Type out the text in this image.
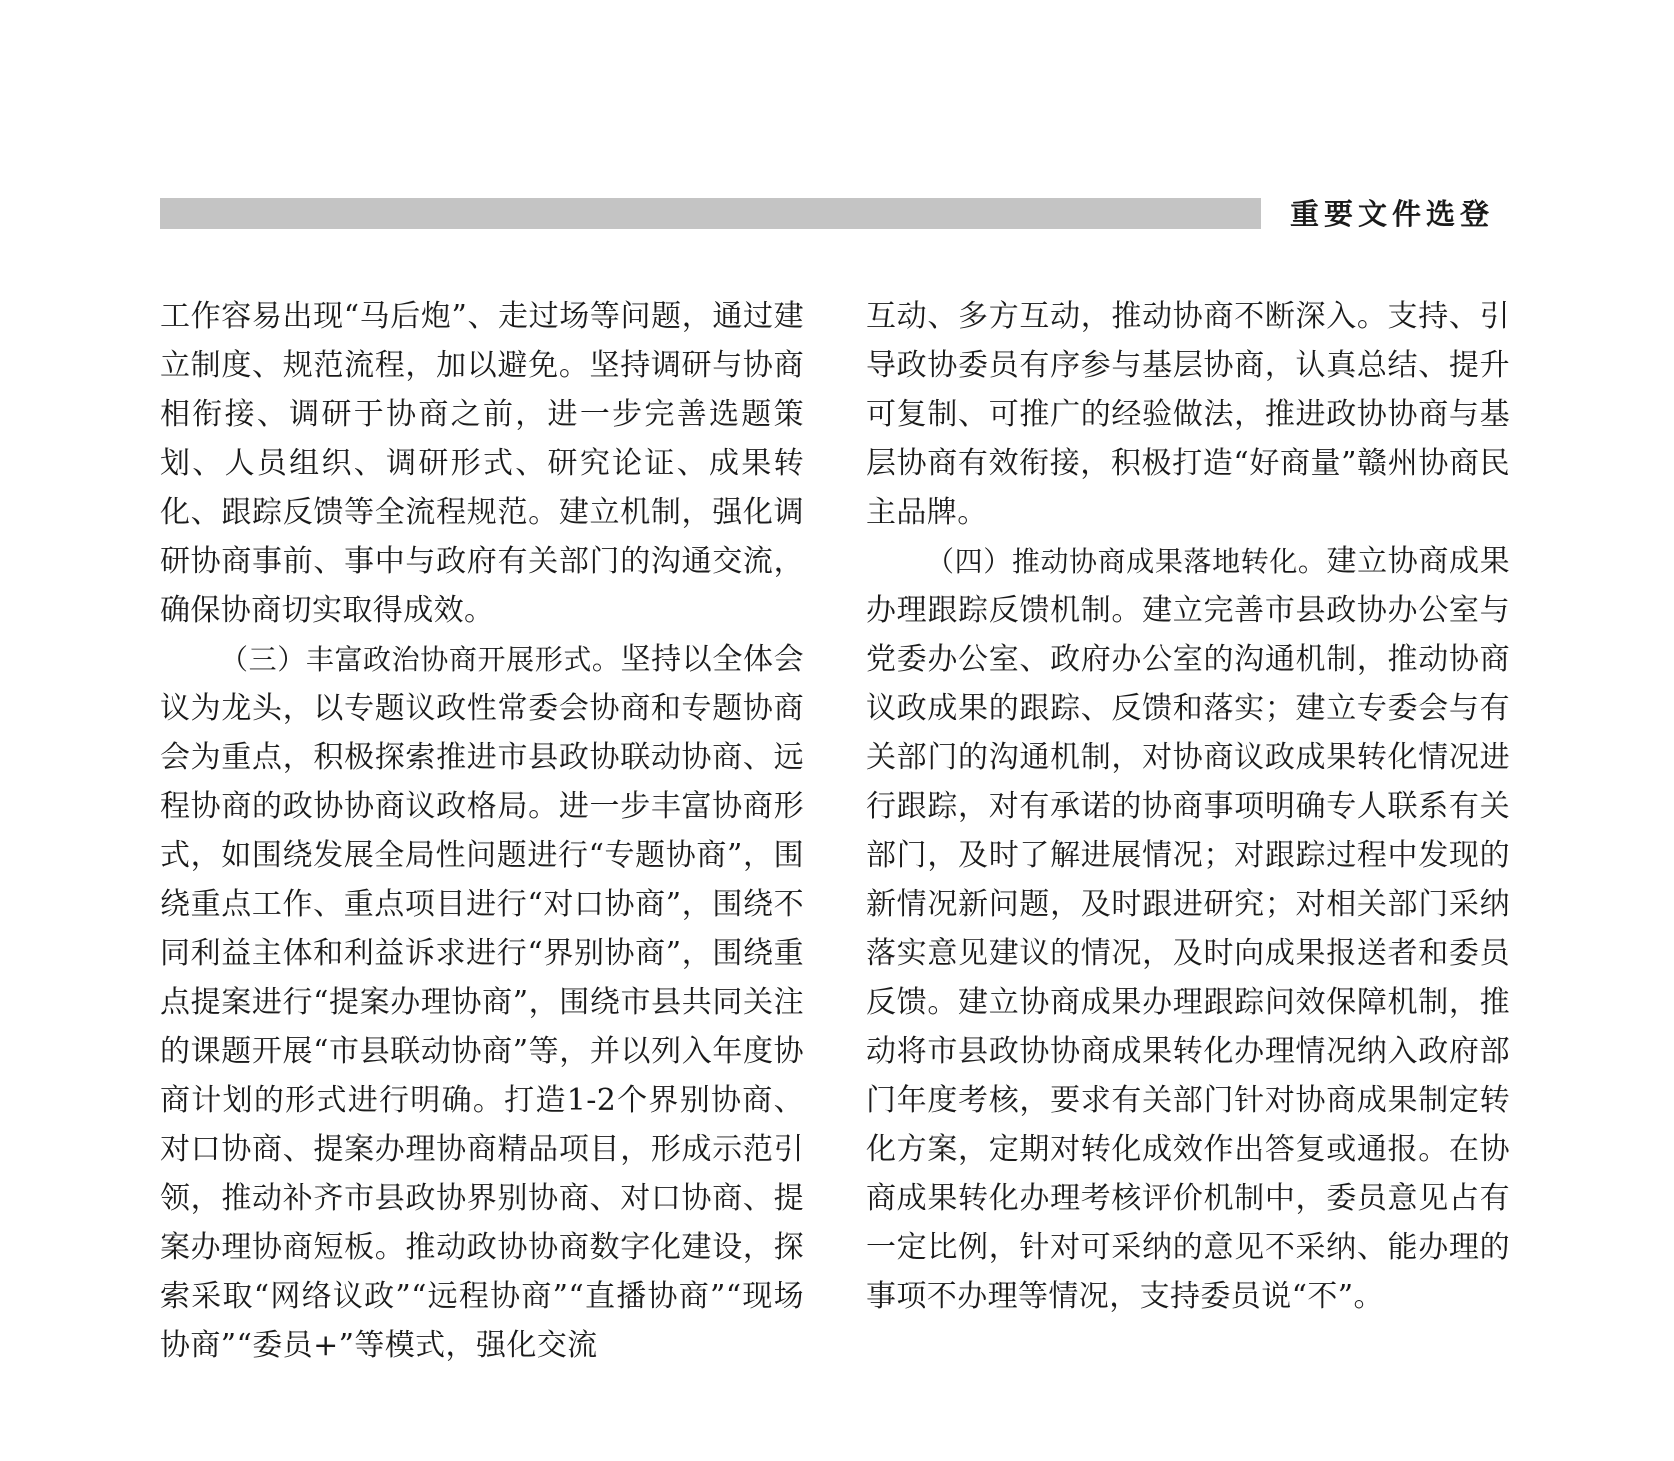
重要文件选登

工作容易出现“马后炮”、走过场等问题，通过建立制度、规范流程，加以避免。坚持调研与协商相衔接、调研于协商之前，进一步完善选题策划、人员组织、调研形式、研究论证、成果转化、跟踪反馈等全流程规范。建立机制，强化调研协商事前、事中与政府有关部门的沟通交流，确保协商切实取得成效。

（三）丰富政治协商开展形式。坚持以全体会议为龙头，以专题议政性常委会协商和专题协商会为重点，积极探索推进市县政协联动协商、远程协商的政协协商议政格局。进一步丰富协商形式，如围绕发展全局性问题进行“专题协商”，围绕重点工作、重点项目进行“对口协商”，围绕不同利益主体和利益诉求进行“界别协商”，围绕重点提案进行“提案办理协商”，围绕市县共同关注的课题开展“市县联动协商”等，并以列入年度协商计划的形式进行明确。打造1-2个界别协商、对口协商、提案办理协商精品项目，形成示范引领，推动补齐市县政协界别协商、对口协商、提案办理协商短板。推动政协协商数字化建设，探索采取“网络议政”“远程协商”“直播协商”“现场协商”“委员+”等模式，强化交流

互动、多方互动，推动协商不断深入。支持、引导政协委员有序参与基层协商，认真总结、提升可复制、可推广的经验做法，推进政协协商与基层协商有效衔接，积极打造“好商量”赣州协商民主品牌。

（四）推动协商成果落地转化。建立协商成果办理跟踪反馈机制。建立完善市县政协办公室与党委办公室、政府办公室的沟通机制，推动协商议政成果的跟踪、反馈和落实；建立专委会与有关部门的沟通机制，对协商议政成果转化情况进行跟踪，对有承诺的协商事项明确专人联系有关部门，及时了解进展情况；对跟踪过程中发现的新情况新问题，及时跟进研究；对相关部门采纳落实意见建议的情况，及时向成果报送者和委员反馈。建立协商成果办理跟踪问效保障机制，推动将市县政协协商成果转化办理情况纳入政府部门年度考核，要求有关部门针对协商成果制定转化方案，定期对转化成效作出答复或通报。在协商成果转化办理考核评价机制中，委员意见占有一定比例，针对可采纳的意见不采纳、能办理的事项不办理等情况，支持委员说“不”。
